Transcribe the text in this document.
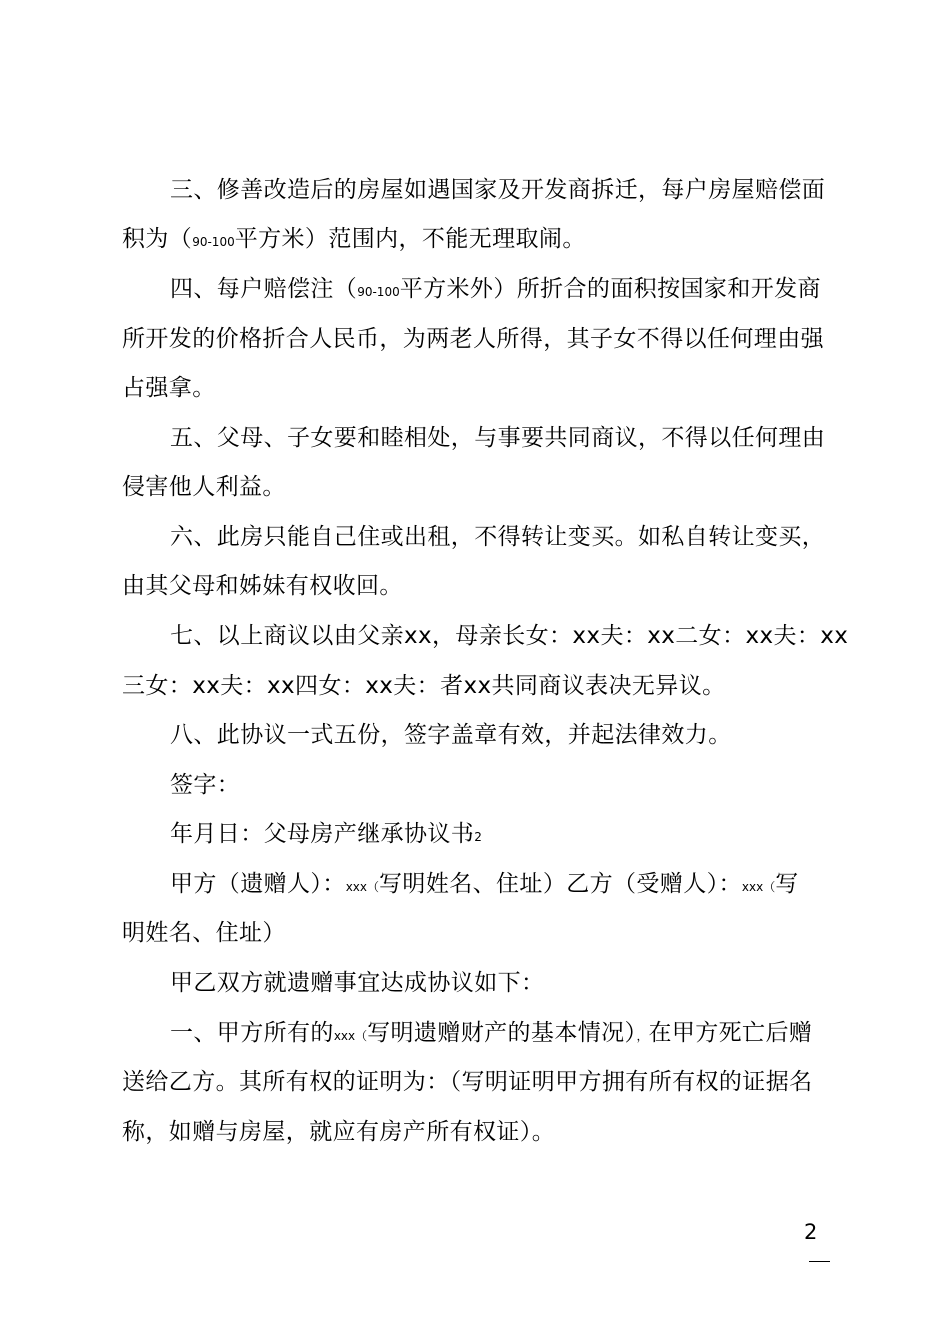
三、修善改造后的房屋如遇国家及开发商拆迁，每户房屋赔偿面
积为（90-100平方米）范围内，不能无理取闹。
四、每户赔偿注（90-100平方米外）所折合的面积按国家和开发商
所开发的价格折合人民币，为两老人所得，其子女不得以任何理由强
占强拿。
五、父母、子女要和睦相处，与事要共同商议，不得以任何理由
侵害他人利益。
六、此房只能自己住或出租，不得转让变买。如私自转让变买，
由其父母和姊妹有权收回。
七、以上商议以由父亲xx，母亲长女：xx夫：xx二女：xx夫：xx
三女：xx夫：xx四女：xx夫：者xx共同商议表决无异议。
八、此协议一式五份，签字盖章有效，并起法律效力。
签字：
年月日：父母房产继承协议书2
甲方（遗赠人）：xxx（写明姓名、住址）乙方（受赠人）：xxx（写
明姓名、住址）
甲乙双方就遗赠事宜达成协议如下：
一、甲方所有的xxx（写明遗赠财产的基本情况），在甲方死亡后赠
送给乙方。其所有权的证明为：（写明证明甲方拥有所有权的证据名
称，如赠与房屋，就应有房产所有权证）。
2
